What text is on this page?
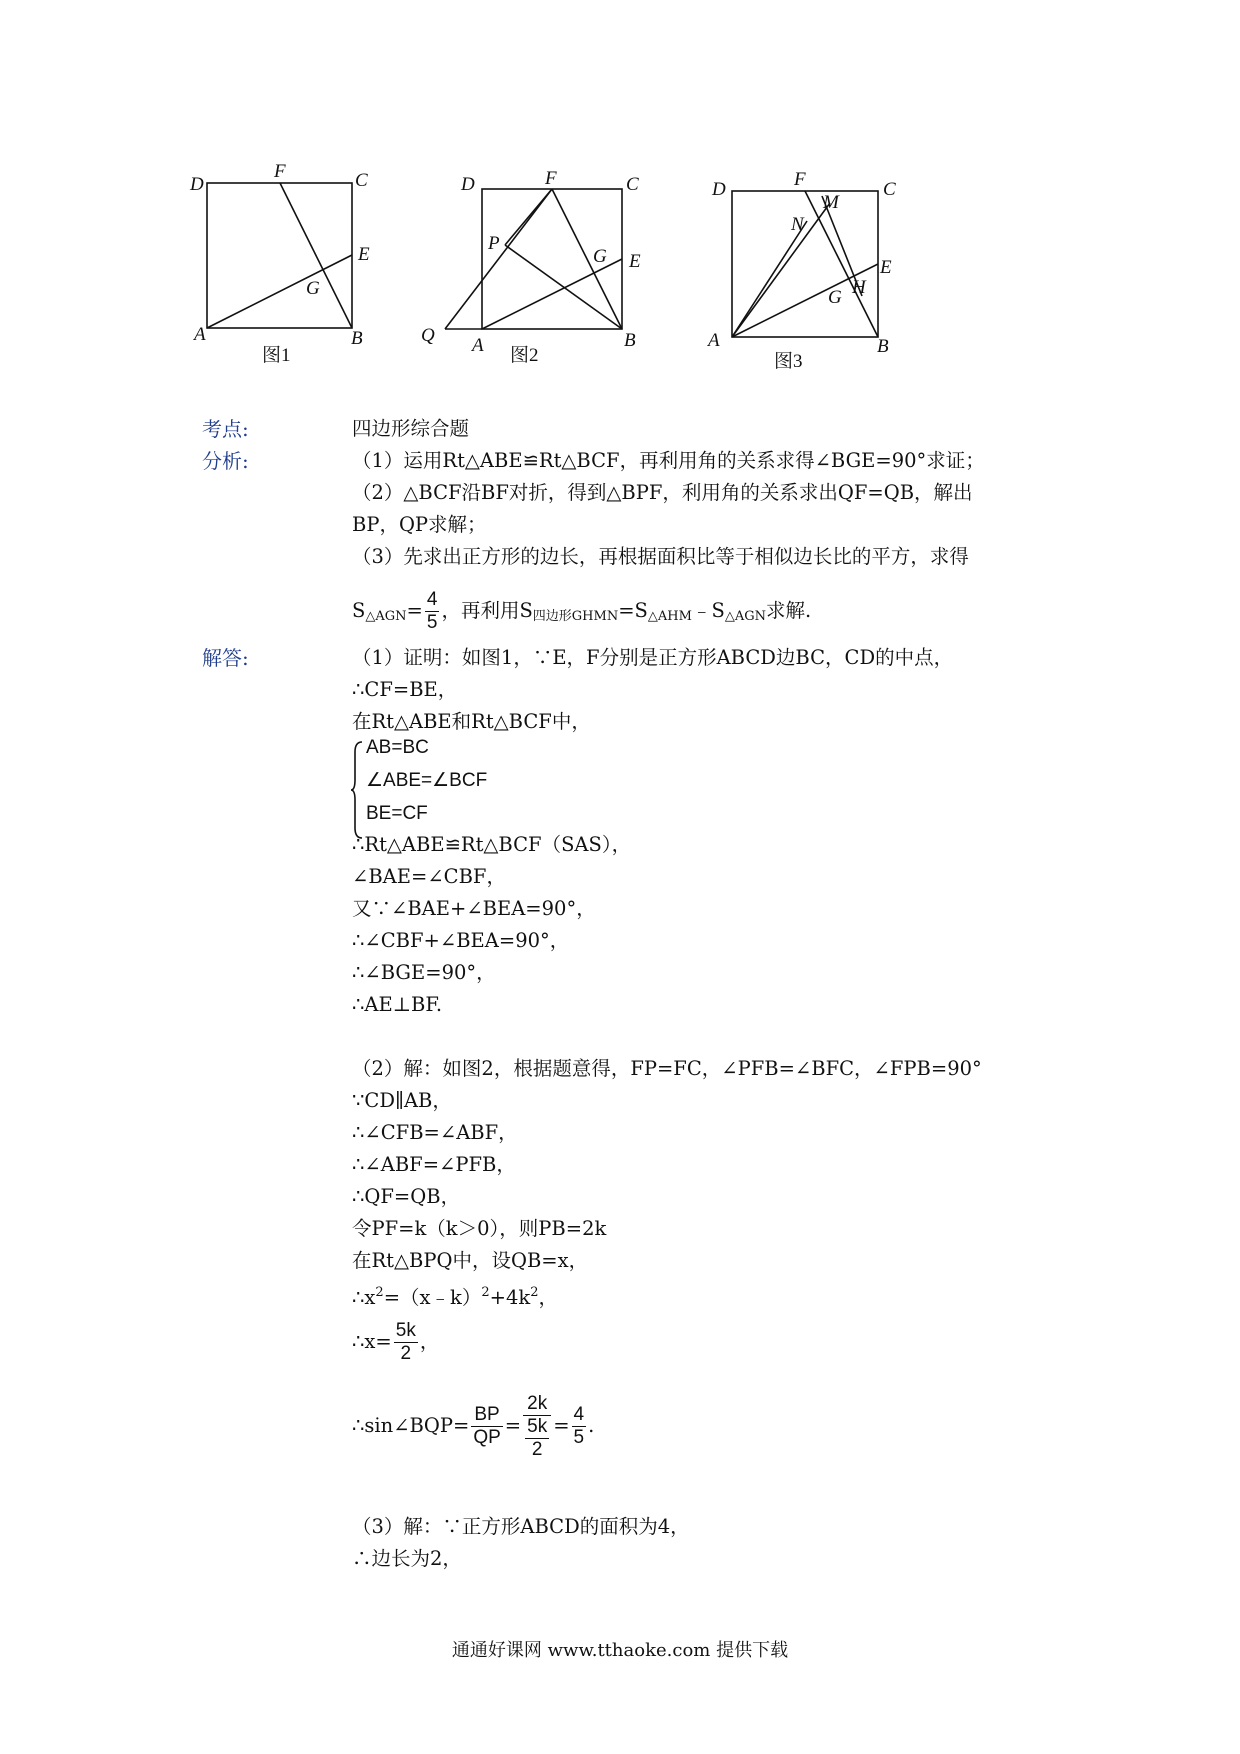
D
F	C
E
G
A	B
图1
D	F	C
P
G E
Q A	B
图2
D	F	C
M
N
E
H
G
A	B
图3
考点:	四边形综合题
分析:	（1）运用Rt△ABE≌Rt△BCF，再利用角的关系求得∠BGE=90°求证；
（2）△BCF沿BF对折，得到△BPF，利用角的关系求出QF=QB，解出
BP，QP求解；
（3）先求出正方形的边长，再根据面积比等于相似边长比的平方，求得
$S_{\triangle AGN}= \frac{4}{5}$ ，再利用$S_{四边形GHMN}=S_{\triangle AHM}﹣S_{\triangle AGN}$求解.
解答:	（1）证明：如图1，∵E，F分别是正方形ABCD边BC，CD的中点，
∴CF=BE，
在Rt△ABE和Rt△BCF中，
AB=BC
∠ABE=∠BCF
BE=CF
∴Rt△ABE≌Rt△BCF（SAS），
∠BAE=∠CBF，
又∵∠BAE+∠BEA=90°，
∴∠CBF+∠BEA=90°，
∴∠BGE=90°，
∴AE⊥BF.
（2）解：如图2，根据题意得，FP=FC，∠PFB=∠BFC，∠FPB=90°
∵CD∥AB，
∴∠CFB=∠ABF，
∴∠ABF=∠PFB，
∴QF=QB，
令PF=k（k＞0），则PB=2k
在Rt△BPQ中，设QB=x，
$\therefore x^2=(x﹣k)^2+4k^2$，
∴x= $\frac{5k}{2}$ ，
∴sin∠BQP= $\frac{BP}{QP} = \frac{2k}{\frac{5k}{2}} = \frac{4}{5}$ .
（3）解：∵正方形ABCD的面积为4，
∴边长为2，
通通好课网 www.tthaoke.com 提供下载
